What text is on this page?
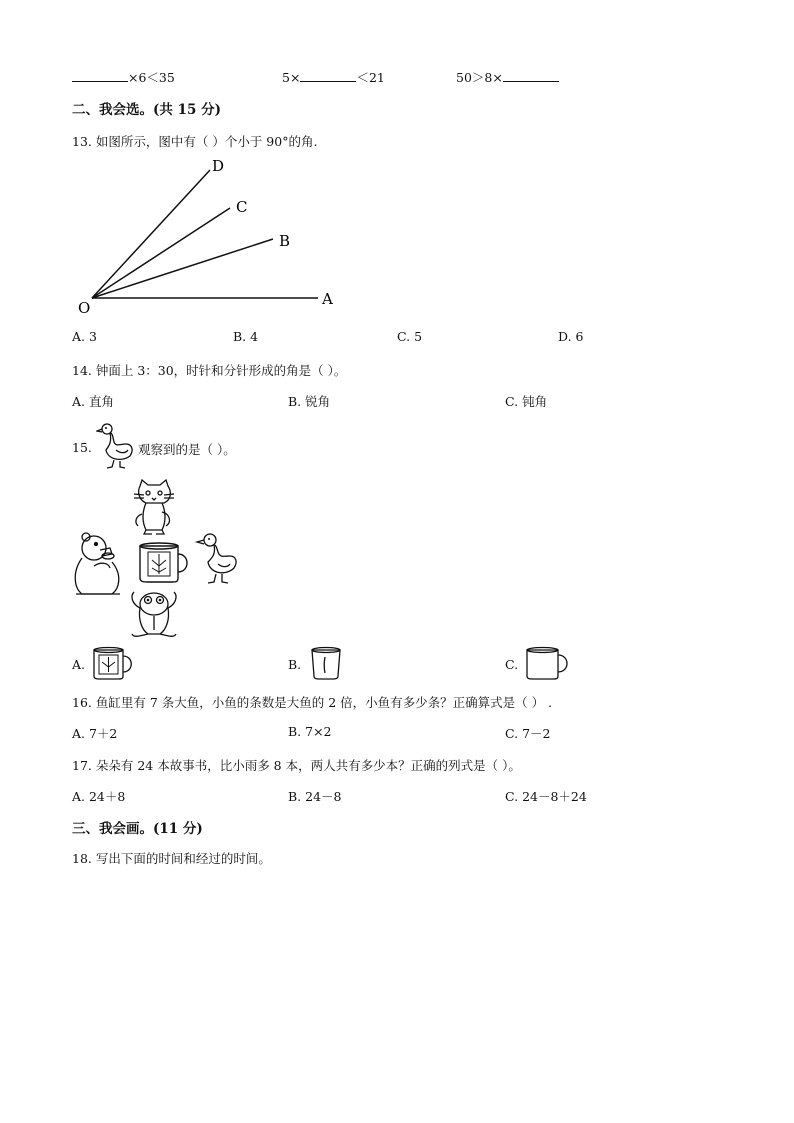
×6＜35	5×	＜21	50＞8×
二、我会选。(共 15 分)
13. 如图所示，图中有（ ）个小于 90°的角.
O	A
B
C
D
A. 3	B. 4	C. 5	D. 6
14. 钟面上 3：30，时针和分针形成的角是（ ）。
A. 直角	B. 锐角	C. 钝角
15.	观察到的是（ ）。
A.	B.	C.
16. 鱼缸里有 7 条大鱼，小鱼的条数是大鱼的 2 倍，小鱼有多少条？正确算式是（ ） .
A. 7＋2	B. 7×2	C. 7－2
17. 朵朵有 24 本故事书，比小雨多 8 本，两人共有多少本？正确的列式是（ ）。
A. 24＋8	B. 24－8	C. 24－8＋24
三、我会画。(11 分)
18. 写出下面的时间和经过的时间。
